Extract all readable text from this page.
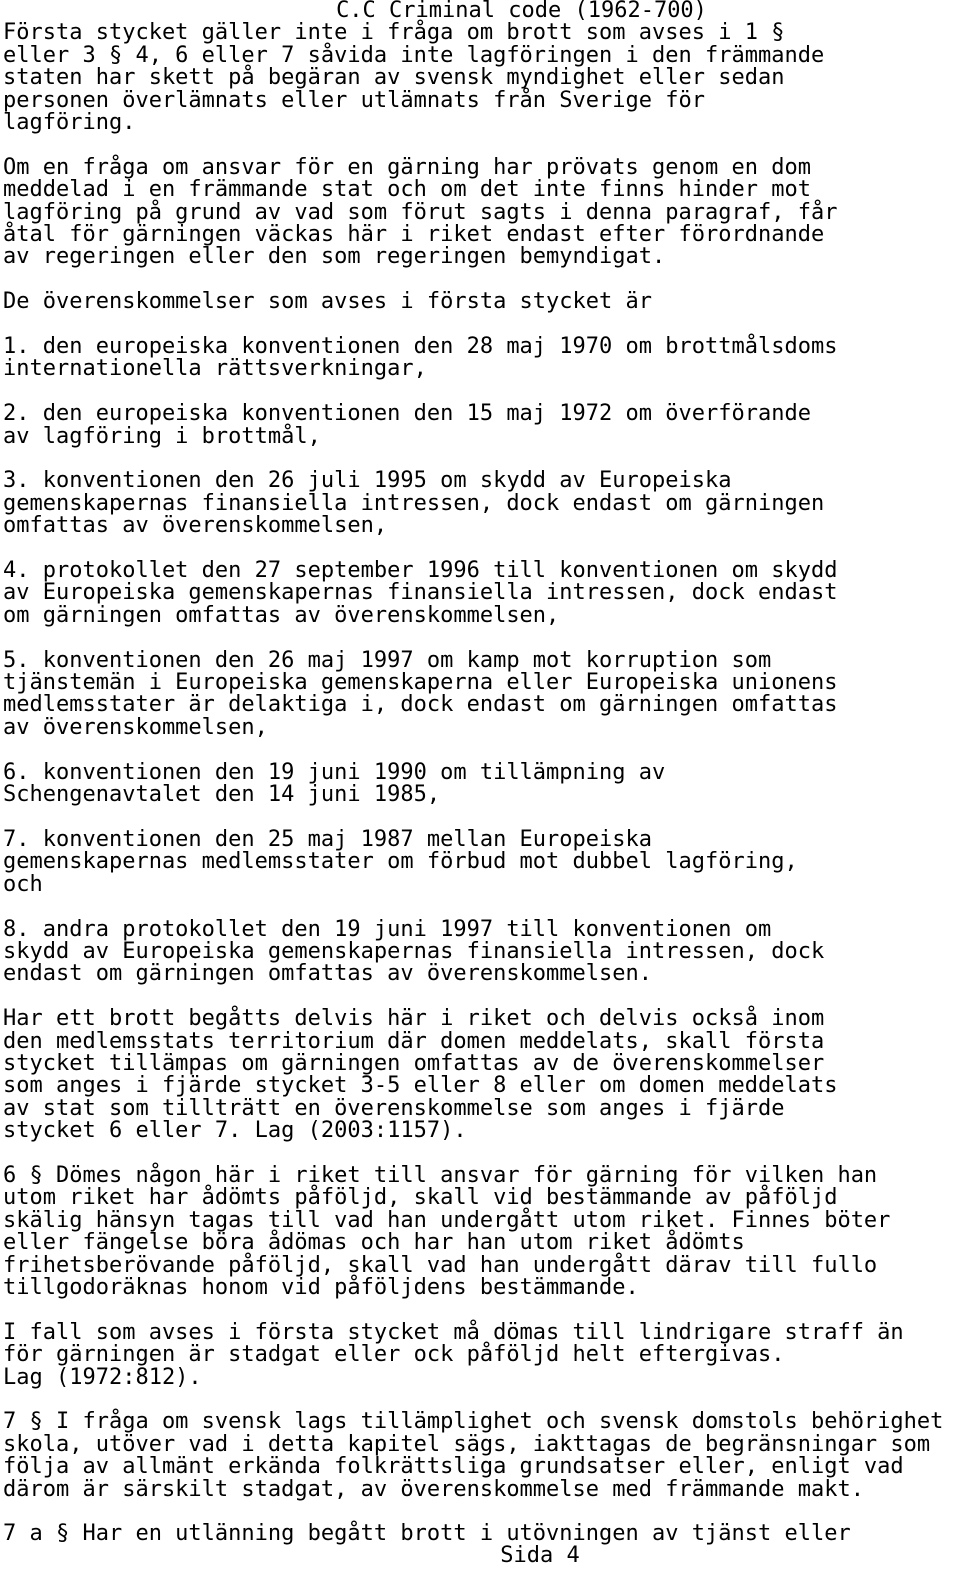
C.C Criminal code (1962-700)

Första stycket gäller inte i fråga om brott som avses i 1 §
eller 3 § 4, 6 eller 7 såvida inte lagföringen i den främmande
staten har skett på begäran av svensk myndighet eller sedan
personen överlämnats eller utlämnats från Sverige för
lagföring.

Om en fråga om ansvar för en gärning har prövats genom en dom
meddelad i en främmande stat och om det inte finns hinder mot
lagföring på grund av vad som förut sagts i denna paragraf, får
åtal för gärningen väckas här i riket endast efter förordnande
av regeringen eller den som regeringen bemyndigat.

De överenskommelser som avses i första stycket är

1. den europeiska konventionen den 28 maj 1970 om brottmålsdoms
internationella rättsverkningar,

2. den europeiska konventionen den 15 maj 1972 om överförande
av lagföring i brottmål,

3. konventionen den 26 juli 1995 om skydd av Europeiska
gemenskapernas finansiella intressen, dock endast om gärningen
omfattas av överenskommelsen,

4. protokollet den 27 september 1996 till konventionen om skydd
av Europeiska gemenskapernas finansiella intressen, dock endast
om gärningen omfattas av överenskommelsen,

5. konventionen den 26 maj 1997 om kamp mot korruption som
tjänstemän i Europeiska gemenskaperna eller Europeiska unionens
medlemsstater är delaktiga i, dock endast om gärningen omfattas
av överenskommelsen,

6. konventionen den 19 juni 1990 om tillämpning av
Schengenavtalet den 14 juni 1985,

7. konventionen den 25 maj 1987 mellan Europeiska
gemenskapernas medlemsstater om förbud mot dubbel lagföring,
och

8. andra protokollet den 19 juni 1997 till konventionen om
skydd av Europeiska gemenskapernas finansiella intressen, dock
endast om gärningen omfattas av överenskommelsen.

Har ett brott begåtts delvis här i riket och delvis också inom
den medlemsstats territorium där domen meddelats, skall första
stycket tillämpas om gärningen omfattas av de överenskommelser
som anges i fjärde stycket 3-5 eller 8 eller om domen meddelats
av stat som tillträtt en överenskommelse som anges i fjärde
stycket 6 eller 7. Lag (2003:1157).

6 § Dömes någon här i riket till ansvar för gärning för vilken han
utom riket har ådömts påföljd, skall vid bestämmande av påföljd
skälig hänsyn tagas till vad han undergått utom riket. Finnes böter
eller fängelse böra ådömas och har han utom riket ådömts
frihetsberövande påföljd, skall vad han undergått därav till fullo
tillgodoräknas honom vid påföljdens bestämmande.

I fall som avses i första stycket må dömas till lindrigare straff än
för gärningen är stadgat eller ock påföljd helt eftergivas.
Lag (1972:812).

7 § I fråga om svensk lags tillämplighet och svensk domstols behörighet
skola, utöver vad i detta kapitel sägs, iakttagas de begränsningar som
följa av allmänt erkända folkrättsliga grundsatser eller, enligt vad
därom är särskilt stadgat, av överenskommelse med främmande makt.

7 a § Har en utlänning begått brott i utövningen av tjänst eller

Sida 4
